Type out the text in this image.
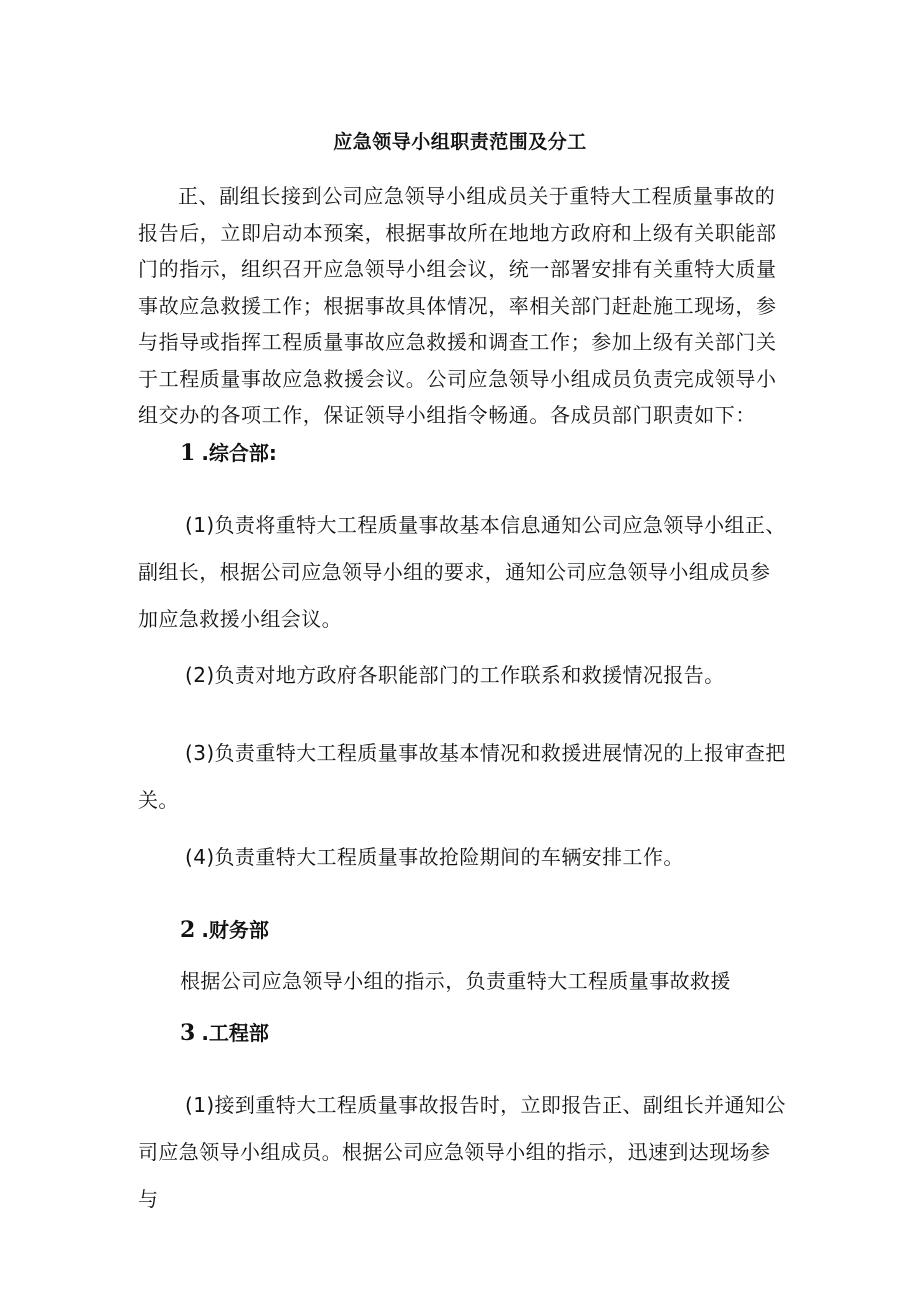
应急领导小组职责范围及分工
正、副组长接到公司应急领导小组成员关于重特大工程质量事故的报告后，立即启动本预案，根据事故所在地地方政府和上级有关职能部门的指示，组织召开应急领导小组会议，统一部署安排有关重特大质量事故应急救援工作；根据事故具体情况，率相关部门赶赴施工现场，参与指导或指挥工程质量事故应急救援和调查工作；参加上级有关部门关于工程质量事故应急救援会议。公司应急领导小组成员负责完成领导小组交办的各项工作，保证领导小组指令畅通。各成员部门职责如下：
1 .综合部:
(1)负责将重特大工程质量事故基本信息通知公司应急领导小组正、副组长，根据公司应急领导小组的要求，通知公司应急领导小组成员参加应急救援小组会议。
(2)负责对地方政府各职能部门的工作联系和救援情况报告。
(3)负责重特大工程质量事故基本情况和救援进展情况的上报审查把关。
(4)负责重特大工程质量事故抢险期间的车辆安排工作。
2 .财务部
根据公司应急领导小组的指示，负责重特大工程质量事故救援
3 .工程部
(1)接到重特大工程质量事故报告时，立即报告正、副组长并通知公司应急领导小组成员。根据公司应急领导小组的指示，迅速到达现场参与
